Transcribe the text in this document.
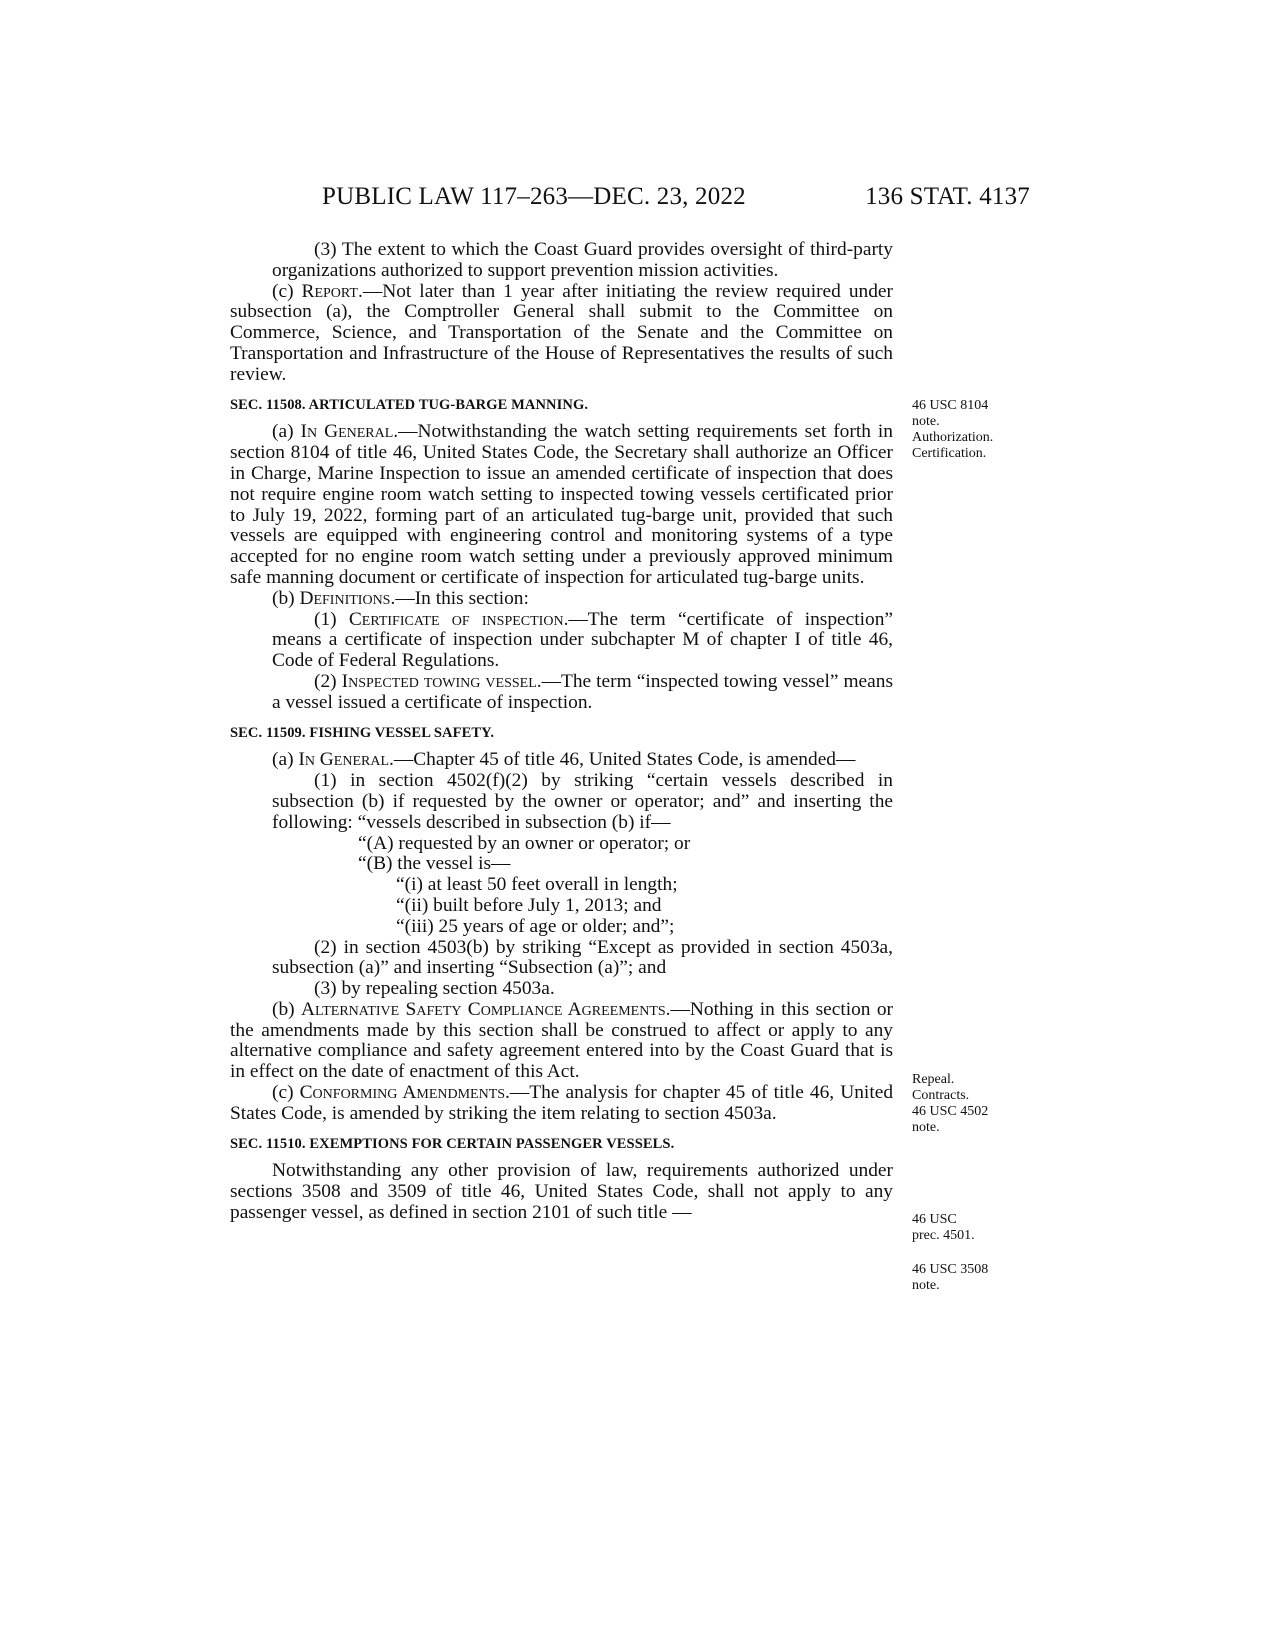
PUBLIC LAW 117–263—DEC. 23, 2022	136 STAT. 4137

(3) The extent to which the Coast Guard provides oversight of third-party organizations authorized to support prevention mission activities.

(c) Report.—Not later than 1 year after initiating the review required under subsection (a), the Comptroller General shall submit to the Committee on Commerce, Science, and Transportation of the Senate and the Committee on Transportation and Infrastructure of the House of Representatives the results of such review.

SEC. 11508. ARTICULATED TUG-BARGE MANNING.

(a) In General.—Notwithstanding the watch setting requirements set forth in section 8104 of title 46, United States Code, the Secretary shall authorize an Officer in Charge, Marine Inspection to issue an amended certificate of inspection that does not require engine room watch setting to inspected towing vessels certificated prior to July 19, 2022, forming part of an articulated tug-barge unit, provided that such vessels are equipped with engineering control and monitoring systems of a type accepted for no engine room watch setting under a previously approved minimum safe manning document or certificate of inspection for articulated tug-barge units.

(b) Definitions.—In this section:

(1) Certificate of inspection.—The term “certificate of inspection” means a certificate of inspection under subchapter M of chapter I of title 46, Code of Federal Regulations.

(2) Inspected towing vessel.—The term “inspected towing vessel” means a vessel issued a certificate of inspection.

SEC. 11509. FISHING VESSEL SAFETY.

(a) In General.—Chapter 45 of title 46, United States Code, is amended—

(1) in section 4502(f)(2) by striking “certain vessels described in subsection (b) if requested by the owner or operator; and” and inserting the following: “vessels described in subsection (b) if—

“(A) requested by an owner or operator; or

“(B) the vessel is—

“(i) at least 50 feet overall in length;

“(ii) built before July 1, 2013; and

“(iii) 25 years of age or older; and”;

(2) in section 4503(b) by striking “Except as provided in section 4503a, subsection (a)” and inserting “Subsection (a)”; and

(3) by repealing section 4503a.

(b) Alternative Safety Compliance Agreements.—Nothing in this section or the amendments made by this section shall be construed to affect or apply to any alternative compliance and safety agreement entered into by the Coast Guard that is in effect on the date of enactment of this Act.

(c) Conforming Amendments.—The analysis for chapter 45 of title 46, United States Code, is amended by striking the item relating to section 4503a.

SEC. 11510. EXEMPTIONS FOR CERTAIN PASSENGER VESSELS.

Notwithstanding any other provision of law, requirements authorized under sections 3508 and 3509 of title 46, United States Code, shall not apply to any passenger vessel, as defined in section 2101 of such title —

46 USC 8104
note.
Authorization.
Certification.
Repeal.
Contracts.
46 USC 4502
note.
46 USC
prec. 4501.
46 USC 3508
note.
